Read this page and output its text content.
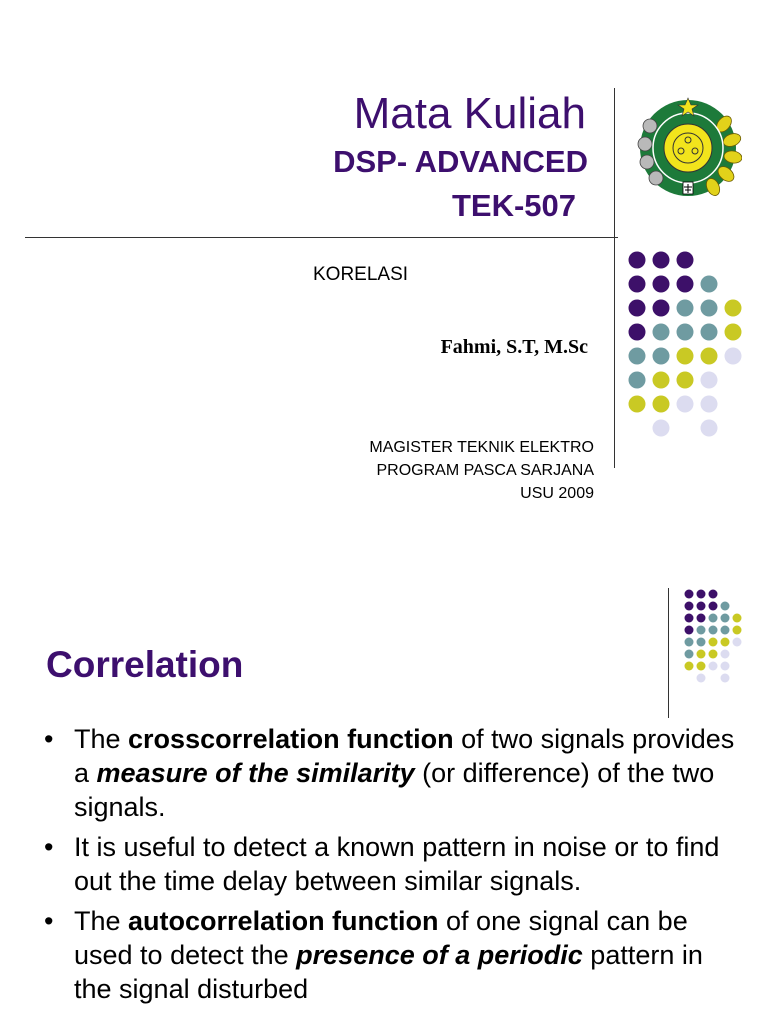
Mata Kuliah
DSP- ADVANCED
TEK-507
KORELASI
Fahmi, S.T, M.Sc
MAGISTER TEKNIK ELEKTRO
PROGRAM PASCA SARJANA
USU 2009
Correlation
• The crosscorrelation function of two signals provides a measure of the similarity (or difference) of the two signals.
• It is useful to detect a known pattern in noise or to find out the time delay between similar signals.
• The autocorrelation function of one signal can be used to detect the presence of a periodic pattern in the signal disturbed
